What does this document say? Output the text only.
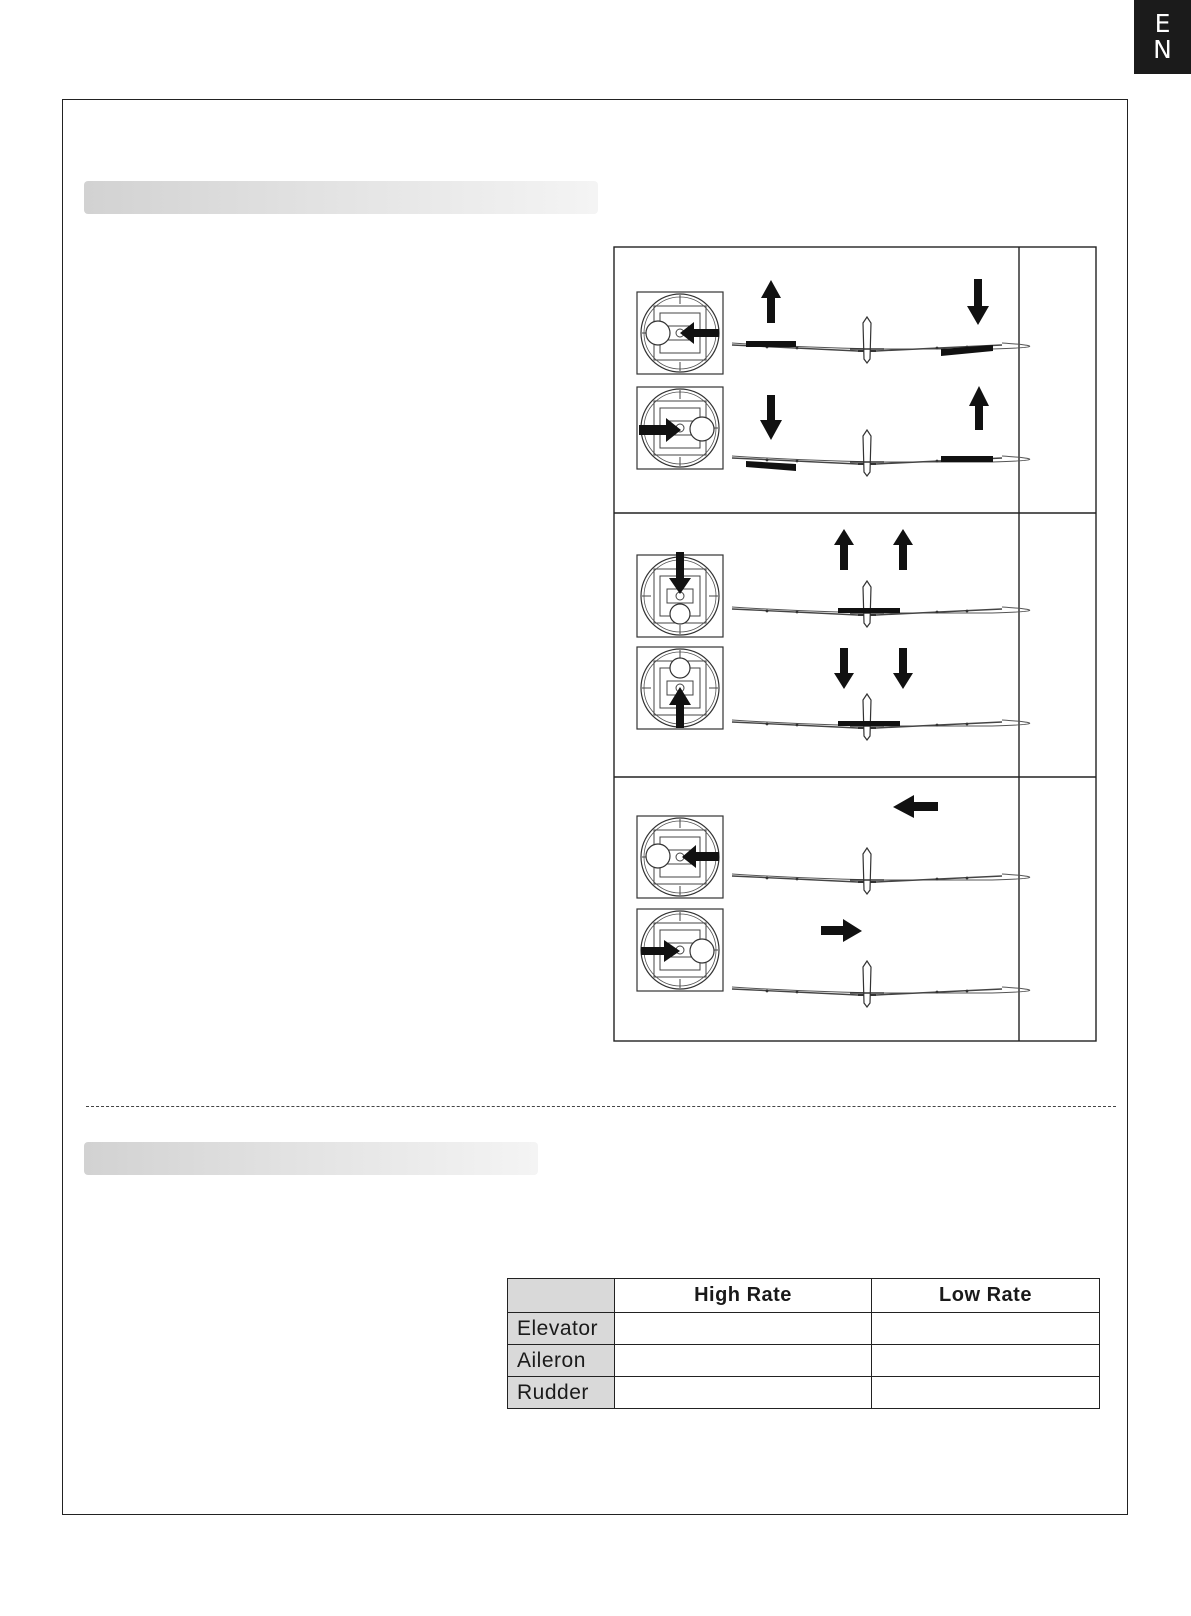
E
N
	High Rate	Low Rate
Elevator		
Aileron		
Rudder		
